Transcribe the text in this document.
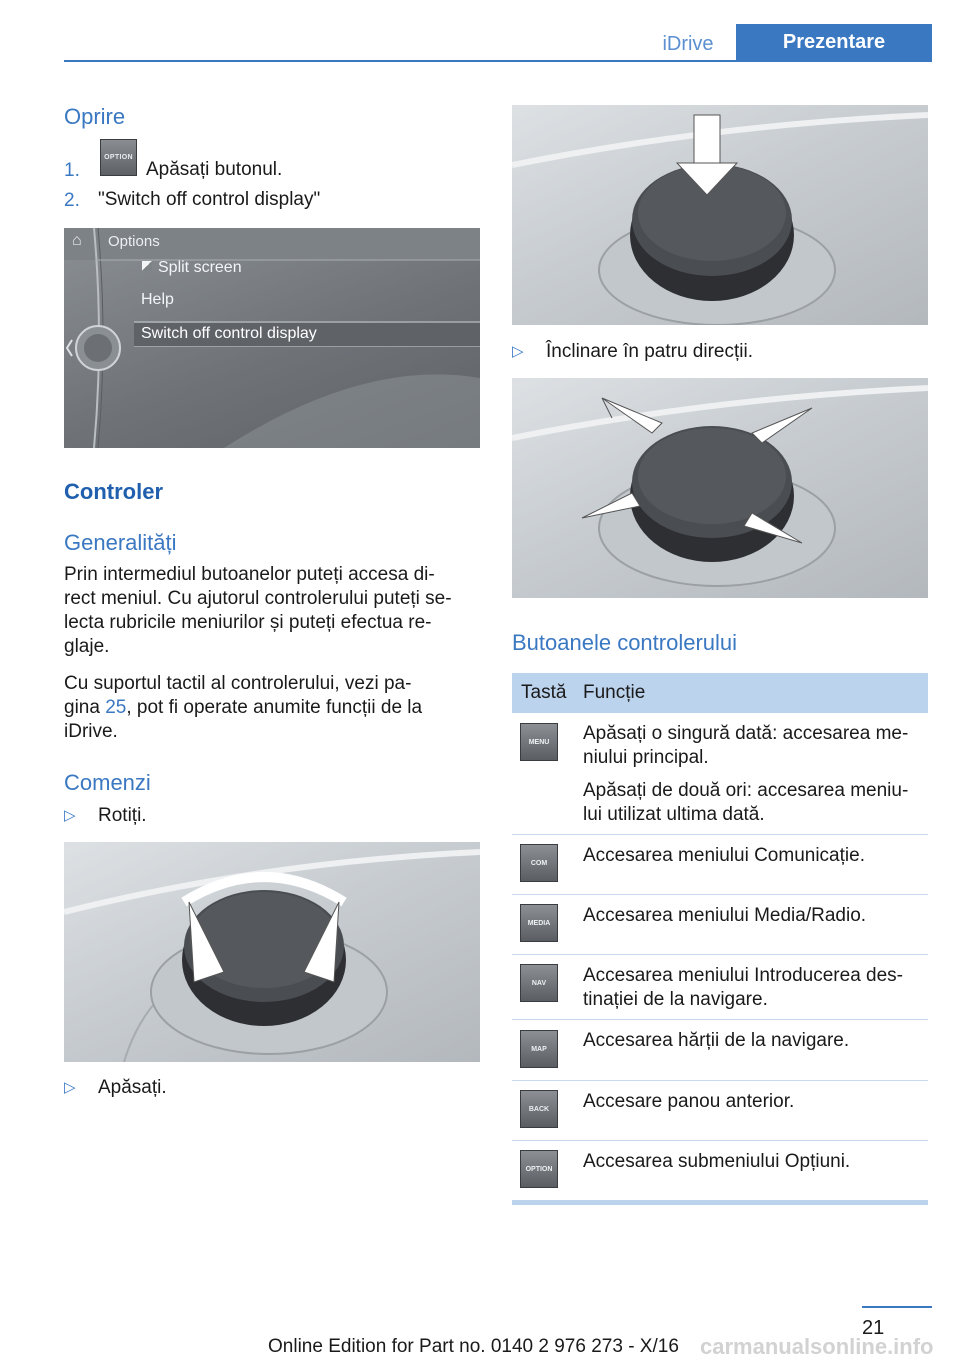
iDrive	Prezentare
Oprire
1.
OPTION
Apăsați butonul.
2. "Switch off control display"
⌂	Options
Split screen
Help
Switch off control display
Controler
Generalități
Prin intermediul butoanelor puteți accesa di‐
rect meniul. Cu ajutorul controlerului puteți se‐
lecta rubricile meniurilor și puteți efectua re‐
glaje.
Cu suportul tactil al controlerului, vezi pa‐
gina 25, pot fi operate anumite funcții de la
iDrive.
Comenzi
▷ Rotiți.
▷ Apăsați.
▷ Înclinare în patru direcții.
Butoanele controlerului
Tastă Funcție
MENU	Apăsați o singură dată: accesarea me‐
niului principal.
Apăsați de două ori: accesarea meniu‐
lui utilizat ultima dată.
COM	Accesarea meniului Comunicație.
MEDIA	Accesarea meniului Media/Radio.
NAV	Accesarea meniului Introducerea des‐
tinației de la navigare.
MAP	Accesarea hărții de la navigare.
BACK	Accesare panou anterior.
OPTION Accesarea submeniului Opțiuni.
21
carmanualsonline.info
Online Edition for Part no. 0140 2 976 273 - X/16
